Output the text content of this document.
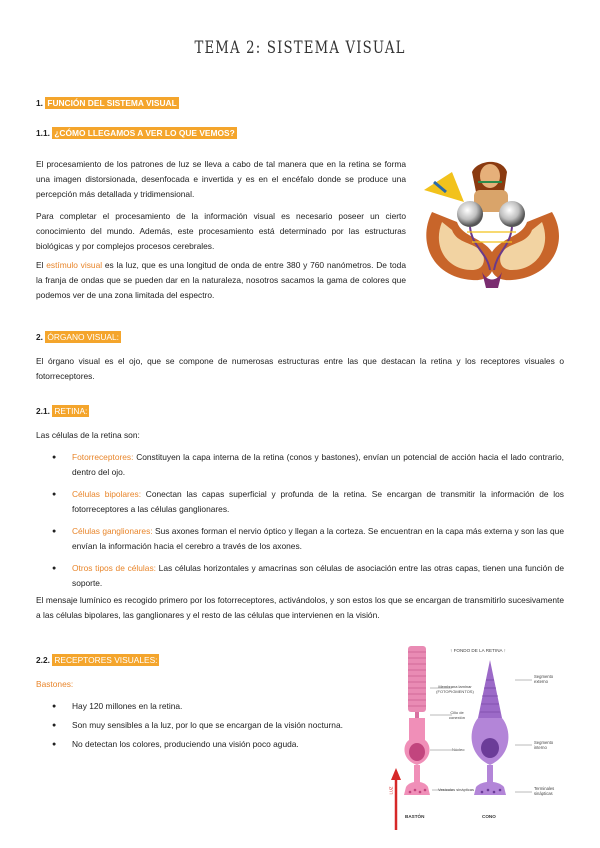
TEMA 2: SISTEMA VISUAL
1. FUNCIÓN DEL SISTEMA VISUAL
1.1. ¿CÓMO LLEGAMOS A VER LO QUE VEMOS?
El procesamiento de los patrones de luz se lleva a cabo de tal manera que en la retina se forma una imagen distorsionada, desenfocada e invertida y es en el encéfalo donde se produce una percepción más detallada y tridimensional.
Para completar el procesamiento de la información visual es necesario poseer un cierto conocimiento del mundo. Además, este procesamiento está determinado por las estructuras biológicas y por complejos procesos cerebrales.
El estímulo visual es la luz, que es una longitud de onda de entre 380 y 760 nanómetros. De toda la franja de ondas que se pueden dar en la naturaleza, nosotros sacamos la gama de colores que podemos ver de una zona limitada del espectro.
2. ÓRGANO VISUAL:
El órgano visual es el ojo, que se compone de numerosas estructuras entre las que destacan la retina y los receptores visuales o fotorreceptores.
2.1. RETINA:
Las células de la retina son:
● Fotorreceptores: Constituyen la capa interna de la retina (conos y bastones), envían un potencial de acción hacia el lado contrario, dentro del ojo.
● Células bipolares: Conectan las capas superficial y profunda de la retina. Se encargan de transmitir la información de los fotorreceptores a las células ganglionares.
● Células ganglionares: Sus axones forman el nervio óptico y llegan a la corteza. Se encuentran en la capa más externa y son las que envían la información hacia el cerebro a través de los axones.
● Otros tipos de células: Las células horizontales y amacrinas son células de asociación entre las otras capas, tienen una función de soporte.
El mensaje lumínico es recogido primero por los fotorreceptores, activándolos, y son estos los que se encargan de transmitirlo sucesivamente a las células bipolares, las ganglionares y el resto de las células que intervienen en la visión.
2.2. RECEPTORES VISUALES:
Bastones:
● Hay 120 millones en la retina.
● Son muy sensibles a la luz, por lo que se encargan de la visión nocturna.
● No detectan los colores, produciendo una visión poco aguda.
↑ FONDO DE LA RETINA ↑
Membrana laminar (FOTOPIGMENTOS)
Cilio de conexión
Núcleo
Vesículas sinápticas
Segmento externo
Segmento interno
Terminales sinápticas
BASTÓN	CONO
LUZ
